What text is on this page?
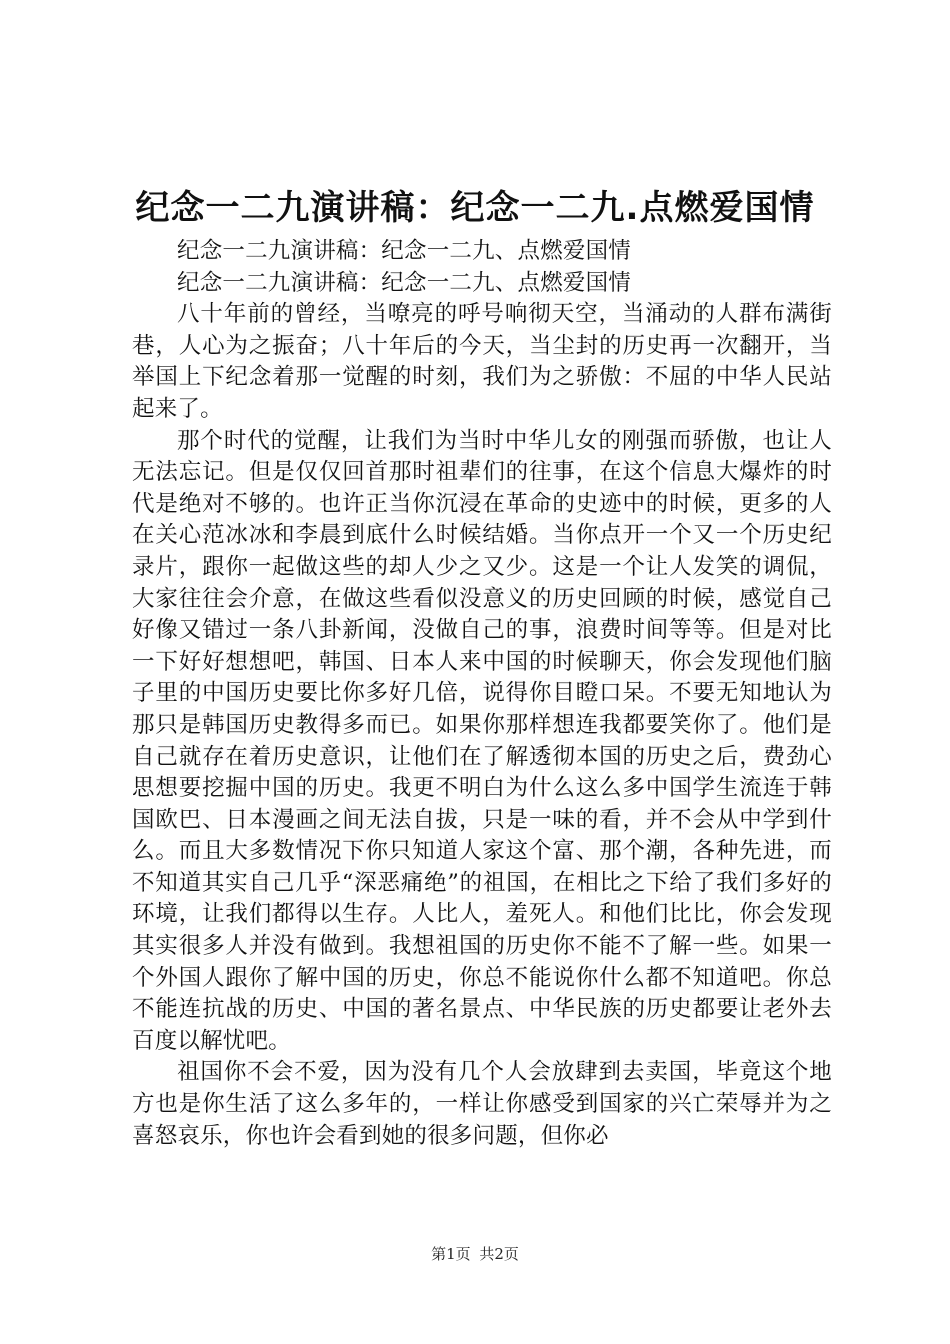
纪念一二九演讲稿：纪念一二九.点燃爱国情

纪念一二九演讲稿：纪念一二九、点燃爱国情

纪念一二九演讲稿：纪念一二九、点燃爱国情

八十年前的曾经，当嘹亮的呼号响彻天空，当涌动的人群布满街巷，人心为之振奋；八十年后的今天，当尘封的历史再一次翻开，当举国上下纪念着那一觉醒的时刻，我们为之骄傲：不屈的中华人民站起来了。

那个时代的觉醒，让我们为当时中华儿女的刚强而骄傲，也让人无法忘记。但是仅仅回首那时祖辈们的往事，在这个信息大爆炸的时代是绝对不够的。也许正当你沉浸在革命的史迹中的时候，更多的人在关心范冰冰和李晨到底什么时候结婚。当你点开一个又一个历史纪录片，跟你一起做这些的却人少之又少。这是一个让人发笑的调侃，大家往往会介意，在做这些看似没意义的历史回顾的时候，感觉自己好像又错过一条八卦新闻，没做自己的事，浪费时间等等。但是对比一下好好想想吧，韩国、日本人来中国的时候聊天，你会发现他们脑子里的中国历史要比你多好几倍，说得你目瞪口呆。不要无知地认为那只是韩国历史教得多而已。如果你那样想连我都要笑你了。他们是自己就存在着历史意识，让他们在了解透彻本国的历史之后，费劲心思想要挖掘中国的历史。我更不明白为什么这么多中国学生流连于韩国欧巴、日本漫画之间无法自拔，只是一味的看，并不会从中学到什么。而且大多数情况下你只知道人家这个富、那个潮，各种先进，而不知道其实自己几乎“深恶痛绝”的祖国，在相比之下给了我们多好的环境，让我们都得以生存。人比人，羞死人。和他们比比，你会发现其实很多人并没有做到。我想祖国的历史你不能不了解一些。如果一个外国人跟你了解中国的历史，你总不能说你什么都不知道吧。你总不能连抗战的历史、中国的著名景点、中华民族的历史都要让老外去百度以解忧吧。

祖国你不会不爱，因为没有几个人会放肆到去卖国，毕竟这个地方也是你生活了这么多年的，一样让你感受到国家的兴亡荣辱并为之喜怒哀乐，你也许会看到她的很多问题，但你必

第1页 共2页
